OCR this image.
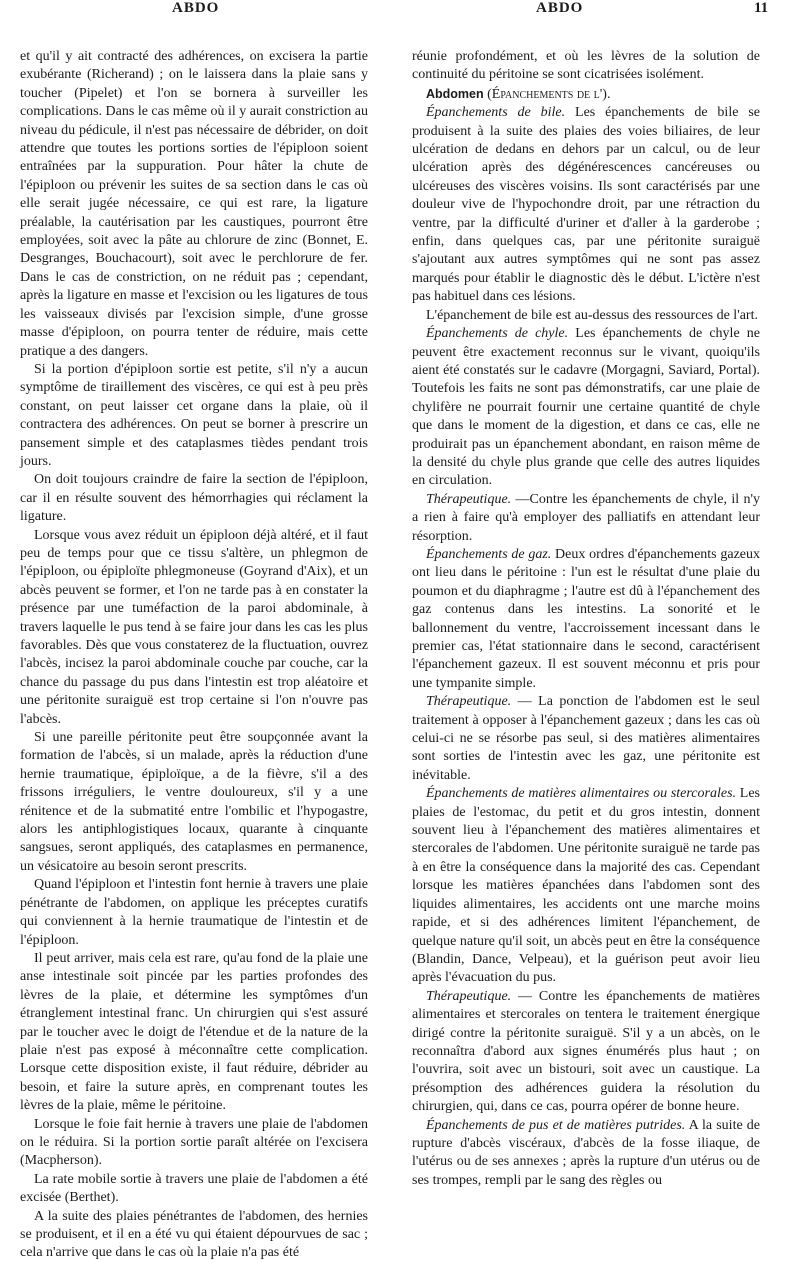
ABDO	ABDO	11

et qu'il y ait contracté des adhérences, on excisera la partie exubérante (Richerand) ; on le laissera dans la plaie sans y toucher (Pipelet) et l'on se bornera à surveiller les complications. Dans le cas même où il y aurait constriction au niveau du pédicule, il n'est pas nécessaire de débrider, on doit attendre que toutes les portions sorties de l'épiploon soient entraînées par la suppuration. Pour hâter la chute de l'épiploon ou prévenir les suites de sa section dans le cas où elle serait jugée nécessaire, ce qui est rare, la ligature préalable, la cautérisation par les caustiques, pourront être employées, soit avec la pâte au chlorure de zinc (Bonnet, E. Desgranges, Bouchacourt), soit avec le perchlorure de fer. Dans le cas de constriction, on ne réduit pas ; cependant, après la ligature en masse et l'excision ou les ligatures de tous les vaisseaux divisés par l'excision simple, d'une grosse masse d'épiploon, on pourra tenter de réduire, mais cette pratique a des dangers.

Si la portion d'épiploon sortie est petite, s'il n'y a aucun symptôme de tiraillement des viscères, ce qui est à peu près constant, on peut laisser cet organe dans la plaie, où il contractera des adhérences. On peut se borner à prescrire un pansement simple et des cataplasmes tièdes pendant trois jours.

On doit toujours craindre de faire la section de l'épiploon, car il en résulte souvent des hémorrhagies qui réclament la ligature.

Lorsque vous avez réduit un épiploon déjà altéré, et il faut peu de temps pour que ce tissu s'altère, un phlegmon de l'épiploon, ou épiploïte phlegmoneuse (Goyrand d'Aix), et un abcès peuvent se former, et l'on ne tarde pas à en constater la présence par une tuméfaction de la paroi abdominale, à travers laquelle le pus tend à se faire jour dans les cas les plus favorables. Dès que vous constaterez de la fluctuation, ouvrez l'abcès, incisez la paroi abdominale couche par couche, car la chance du passage du pus dans l'intestin est trop aléatoire et une péritonite suraiguë est trop certaine si l'on n'ouvre pas l'abcès.

Si une pareille péritonite peut être soupçonnée avant la formation de l'abcès, si un malade, après la réduction d'une hernie traumatique, épiploïque, a de la fièvre, s'il a des frissons irréguliers, le ventre douloureux, s'il y a une rénitence et de la submatité entre l'ombilic et l'hypogastre, alors les antiphlogistiques locaux, quarante à cinquante sangsues, seront appliqués, des cataplasmes en permanence, un vésicatoire au besoin seront prescrits.

Quand l'épiploon et l'intestin font hernie à travers une plaie pénétrante de l'abdomen, on applique les préceptes curatifs qui conviennent à la hernie traumatique de l'intestin et de l'épiploon.

Il peut arriver, mais cela est rare, qu'au fond de la plaie une anse intestinale soit pincée par les parties profondes des lèvres de la plaie, et détermine les symptômes d'un étranglement intestinal franc. Un chirurgien qui s'est assuré par le toucher avec le doigt de l'étendue et de la nature de la plaie n'est pas exposé à méconnaître cette complication. Lorsque cette disposition existe, il faut réduire, débrider au besoin, et faire la suture après, en comprenant toutes les lèvres de la plaie, même le péritoine.

Lorsque le foie fait hernie à travers une plaie de l'abdomen on le réduira. Si la portion sortie paraît altérée on l'excisera (Macpherson).

La rate mobile sortie à travers une plaie de l'abdomen a été excisée (Berthet).

A la suite des plaies pénétrantes de l'abdomen, des hernies se produisent, et il en a été vu qui étaient dépourvues de sac ; cela n'arrive que dans le cas où la plaie n'a pas été

réunie profondément, et où les lèvres de la solution de continuité du péritoine se sont cicatrisées isolément.

Abdomen (Épanchements de l').

Épanchements de bile. Les épanchements de bile se produisent à la suite des plaies des voies biliaires, de leur ulcération de dedans en dehors par un calcul, ou de leur ulcération après des dégénérescences cancéreuses ou ulcéreuses des viscères voisins. Ils sont caractérisés par une douleur vive de l'hypochondre droit, par une rétraction du ventre, par la difficulté d'uriner et d'aller à la garderobe ; enfin, dans quelques cas, par une péritonite suraiguë s'ajoutant aux autres symptômes qui ne sont pas assez marqués pour établir le diagnostic dès le début. L'ictère n'est pas habituel dans ces lésions.

L'épanchement de bile est au-dessus des ressources de l'art.

Épanchements de chyle. Les épanchements de chyle ne peuvent être exactement reconnus sur le vivant, quoiqu'ils aient été constatés sur le cadavre (Morgagni, Saviard, Portal). Toutefois les faits ne sont pas démonstratifs, car une plaie de chylifère ne pourrait fournir une certaine quantité de chyle que dans le moment de la digestion, et dans ce cas, elle ne produirait pas un épanchement abondant, en raison même de la densité du chyle plus grande que celle des autres liquides en circulation.

Thérapeutique. —Contre les épanchements de chyle, il n'y a rien à faire qu'à employer des palliatifs en attendant leur résorption.

Épanchements de gaz. Deux ordres d'épanchements gazeux ont lieu dans le péritoine : l'un est le résultat d'une plaie du poumon et du diaphragme ; l'autre est dû à l'épanchement des gaz contenus dans les intestins. La sonorité et le ballonnement du ventre, l'accroissement incessant dans le premier cas, l'état stationnaire dans le second, caractérisent l'épanchement gazeux. Il est souvent méconnu et pris pour une tympanite simple.

Thérapeutique. — La ponction de l'abdomen est le seul traitement à opposer à l'épanchement gazeux ; dans les cas où celui-ci ne se résorbe pas seul, si des matières alimentaires sont sorties de l'intestin avec les gaz, une péritonite est inévitable.

Épanchements de matières alimentaires ou stercorales. Les plaies de l'estomac, du petit et du gros intestin, donnent souvent lieu à l'épanchement des matières alimentaires et stercorales de l'abdomen. Une péritonite suraiguë ne tarde pas à en être la conséquence dans la majorité des cas. Cependant lorsque les matières épanchées dans l'abdomen sont des liquides alimentaires, les accidents ont une marche moins rapide, et si des adhérences limitent l'épanchement, de quelque nature qu'il soit, un abcès peut en être la conséquence (Blandin, Dance, Velpeau), et la guérison peut avoir lieu après l'évacuation du pus.

Thérapeutique. — Contre les épanchements de matières alimentaires et stercorales on tentera le traitement énergique dirigé contre la péritonite suraiguë. S'il y a un abcès, on le reconnaîtra d'abord aux signes énumérés plus haut ; on l'ouvrira, soit avec un bistouri, soit avec un caustique. La présomption des adhérences guidera la résolution du chirurgien, qui, dans ce cas, pourra opérer de bonne heure.

Épanchements de pus et de matières putrides. A la suite de rupture d'abcès viscéraux, d'abcès de la fosse iliaque, de l'utérus ou de ses annexes ; après la rupture d'un utérus ou de ses trompes, rempli par le sang des règles ou
